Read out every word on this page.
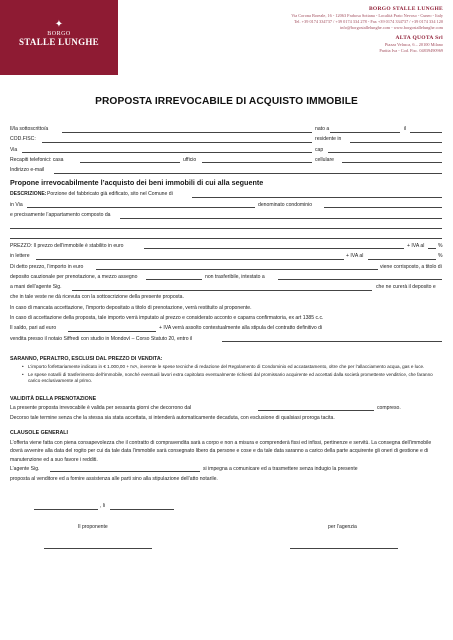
✦
BORGO
STALLE LUNGHE
BORGO STALLE LUNGHE
Via Corona Boreale, 16 - 12063 Frabosa Sottana - Località Prato Nevoso - Cuneo - Italy
Tel. +39 0174 334737 / +39 0174 334 278 - Fax +39 0174 334737 / +39 0174 334 120
info@borgostallelunghe.com - www.borgostallelunghe.com
ALTA QUOTA Srl
Piazza Velasca, 6 – 20100 Milano
Partita Iva - Cod. Fisc. 04839490969
PROPOSTA IRREVOCABILE DI ACQUISTO IMMOBILE
Il/la sottoscritto/a	nato a	il
COD.FISC:	residente in
Via	cap
Recapiti telefonici: casa	ufficio	cellulare
Indirizzo e-mail
Propone irrevocabilmente l’acquisto dei beni immobili di cui alla seguente
DESCRIZIONE: Porzione del fabbricato già edificato, sito nel Comune di
in Via	denominato condominio
e precisamente l’appartamento composto da
PREZZO: Il prezzo dell’immobile è stabilito in euro	+ IVA al	%
in lettere	+ IVA al	%
Di detto prezzo, l’importo in euro	viene corrisposto, a titolo di
deposito cauzionale per prenotazione, a mezzo assegno	non trasferibile, intestato a
a mani dell’agente Sig.	che ne curerà il deposito e
che in tale veste ne dà ricevuta con la sottoscrizione della presente proposta.
In caso di mancata accettazione, l’importo depositato a titolo di prenotazione, verrà restituito al proponente.
In caso di accettazione della proposta, tale importo verrà imputato al prezzo e considerato acconto e caparra confirmatoria, ex art 1385 c.c.
Il saldo, pari ad euro	+ IVA verrà assolto contestualmente alla stipula del contratto definitivo di
vendita presso il notaio Siffredi con studio in Mondovì – Corso Statuto 20, entro il
SARANNO, PERALTRO, ESCLUSI DAL PREZZO DI VENDITA:
• L’importo forfettariamente indicato in € 1.000,00 + IVA, inerente le spese tecniche di redazione del Regolamento di Condominio ed accatastamento, oltre che per l’allacciamento acqua, gas e luce.
• Le spese notarili di trasferimento dell’immobile, nonché eventuali lavori extra capitolato eventualmente richiesti dal promissario acquirente ed accettati dalla società promettente venditrice, che faranno carico esclusivamente al primo.
VALIDITÀ DELLA PRENOTAZIONE
La presente proposta irrevocabile è valida per sessanta giorni che decorrono dal	compreso.
Decorso tale termine senza che la stessa sia stata accettata, si intenderà automaticamente decaduta, con esclusione di qualsiasi proroga tacita.
CLAUSOLE GENERALI
L’offerta viene fatta con piena consapevolezza che il contratto di compravendita sarà a corpo e non a misura e comprenderà fissi ed infissi, pertinenze e servitù. La consegna dell’immobile dovrà avvenire alla data del rogito per cui da tale data l’immobile sarà consegnato libero da persone e cose e da tale data saranno a carico della parte acquirente gli oneri di gestione e di manutenzione ed a suo favore i redditi.
L’agente Sig.	si impegna a comunicare ed a trasmettere senza indugio la presente
proposta al venditore ed a fornire assistenza alle parti sino alla stipulazione dell’atto notarile.
, li
Il proponente	per l’agenzia
